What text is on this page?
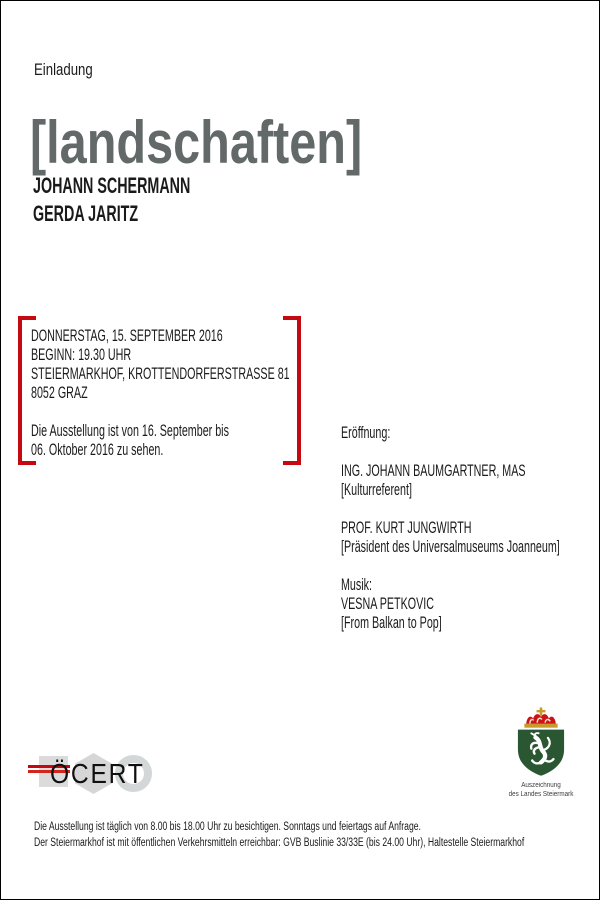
Einladung
[landschaften]
JOHANN SCHERMANN
GERDA JARITZ
DONNERSTAG, 15. SEPTEMBER 2016
BEGINN: 19.30 UHR
STEIERMARKHOF, KROTTENDORFERSTRASSE 81
8052 GRAZ
Die Ausstellung ist von 16. September bis
06. Oktober 2016 zu sehen.
Eröffnung:
ING. JOHANN BAUMGARTNER, MAS
[Kulturreferent]
PROF. KURT JUNGWIRTH
[Präsident des Universalmuseums Joanneum]
Musik:
VESNA PETKOVIC
[From Balkan to Pop]
ÖCERT	Auszeichnung
des Landes Steiermark
Die Ausstellung ist täglich von 8.00 bis 18.00 Uhr zu besichtigen. Sonntags und feiertags auf Anfrage.
Der Steiermarkhof ist mit öffentlichen Verkehrsmitteln erreichbar: GVB Buslinie 33/33E (bis 24.00 Uhr), Haltestelle Steiermarkhof
